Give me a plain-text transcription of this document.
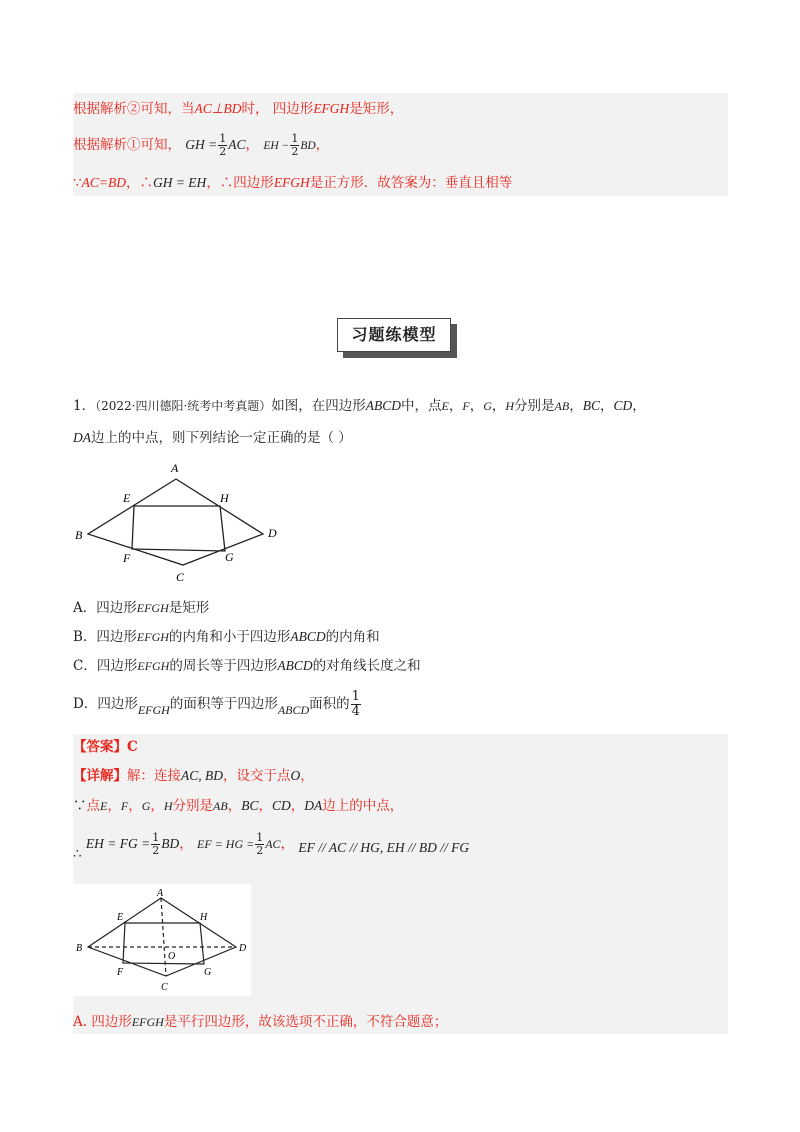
根据解析②可知，当AC⊥BD时， 四边形EFGH是矩形，
根据解析①可知， GH = $\frac{1}{2}$ AC， EH − $\frac{1}{2}$ BD，
∵AC=BD，∴GH = EH，∴四边形EFGH是正方形．故答案为：垂直且相等
习题练模型
1．（2022·四川德阳·统考中考真题）如图，在四边形ABCD中，点E，F，G，H分别是AB，BC，CD，
DA边上的中点，则下列结论一定正确的是（ ）
A
B
C
D
E
F	G
H
A．四边形EFGH是矩形
B．四边形EFGH的内角和小于四边形ABCD的内角和
C．四边形EFGH的周长等于四边形ABCD的对角线长度之和
D．四边形EFGH的面积等于四边形ABCD面积的 $\frac{1}{4}$
【答案】C
【详解】解：连接AC, BD，设交于点O，
∵点E，F，G，H分别是AB，BC，CD，DA边上的中点，
∴ EH = FG = $\frac{1}{2}$ BD， EF = HG = $\frac{1}{2}$ AC， EF // AC // HG, EH // BD // FG
A
B
C
D
E
F	G
H
O
A. 四边形EFGH是平行四边形，故该选项不正确，不符合题意；
